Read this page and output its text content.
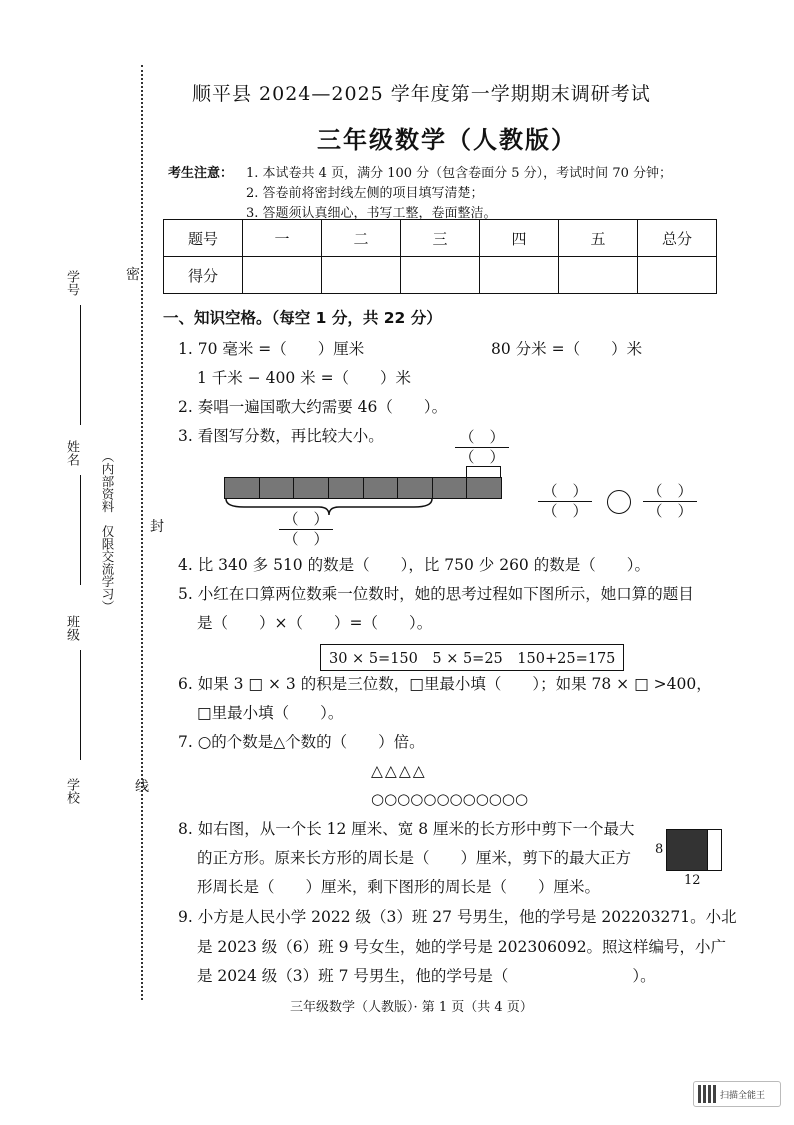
密
封
线
学号
姓名
班级
学校
（内部资料　仅限交流学习）
顺平县 2024—2025 学年度第一学期期末调研考试
三年级数学（人教版）
考生注意： 1. 本试卷共 4 页，满分 100 分（包含卷面分 5 分），考试时间 70 分钟；
2. 答卷前将密封线左侧的项目填写清楚；
3. 答题须认真细心，书写工整，卷面整洁。
题号	一	二	三	四	五	总分
得分						
一、知识空格。（每空 1 分，共 22 分）
1. 70 毫米 =（　　）厘米	80 分米 =（　　）米
1 千米 − 400 米 =（　　）米
2. 奏唱一遍国歌大约需要 46（　　）。
3. 看图写分数，再比较大小。	（　）
（　）
（　）
（　）
（　）
（　）
（　）
（　）
4. 比 340 多 510 的数是（　　），比 750 少 260 的数是（　　）。
5. 小红在口算两位数乘一位数时，她的思考过程如下图所示，她口算的题目
是（　　）×（　　）=（　　）。
30 × 5=150　5 × 5=25　150+25=175
6. 如果 3 □ × 3 的积是三位数，□里最小填（　　）；如果 78 × □ >400，
□里最小填（　　）。
7. ○的个数是△个数的（　　）倍。
△△△△
○○○○○○○○○○○○
8. 如右图，从一个长 12 厘米、宽 8 厘米的长方形中剪下一个最大
的正方形。原来长方形的周长是（　　）厘米，剪下的最大正方
形周长是（　　）厘米，剩下图形的周长是（　　）厘米。
8
12
9. 小方是人民小学 2022 级（3）班 27 号男生，他的学号是 202203271。小北
是 2023 级（6）班 9 号女生，她的学号是 202306092。照这样编号，小广
是 2024 级（3）班 7 号男生，他的学号是（　　　　　　　　）。
三年级数学（人教版）· 第 1 页（共 4 页）
扫描全能王
